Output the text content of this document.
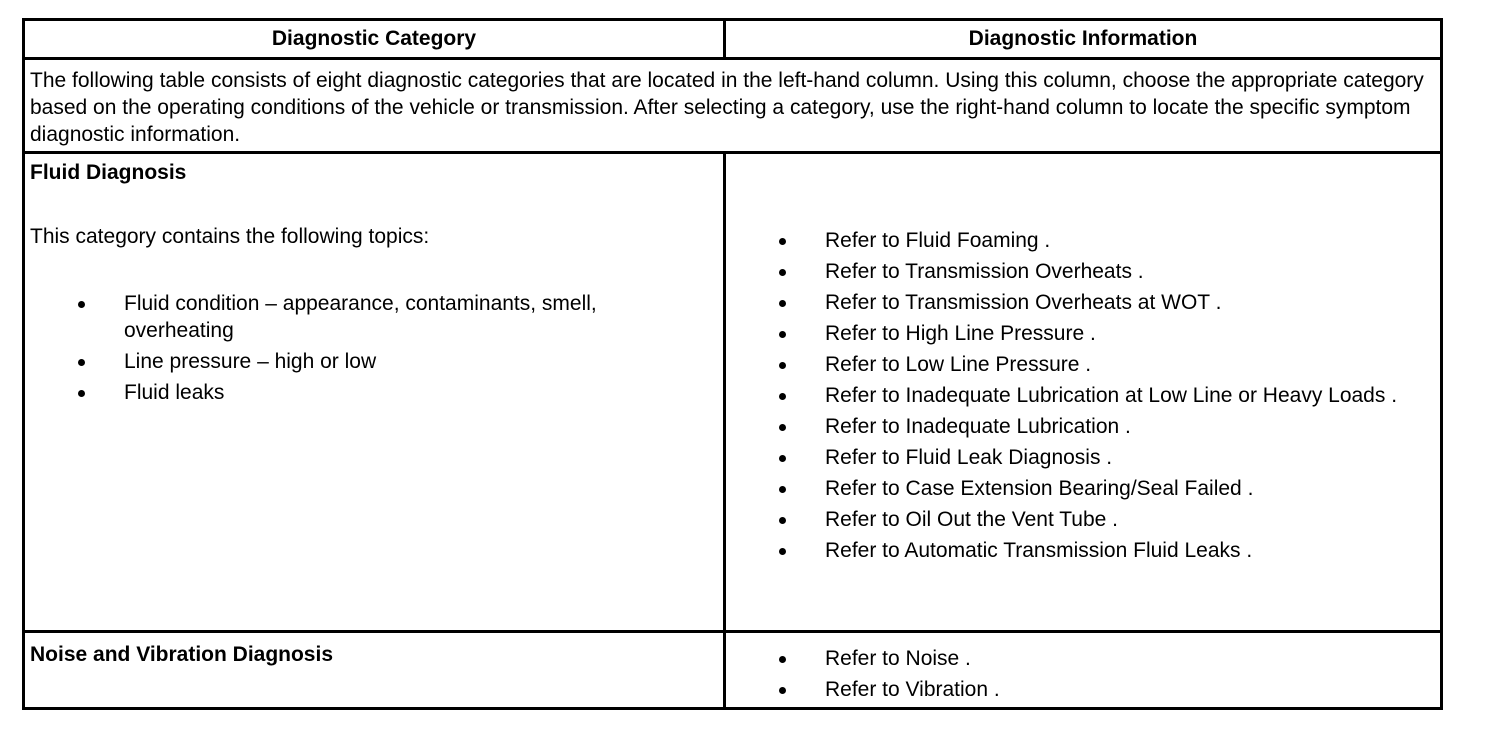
Diagnostic Category	Diagnostic Information
The following table consists of eight diagnostic categories that are located in the left-hand column. Using this column, choose the appropriate category based on the operating conditions of the vehicle or transmission. After selecting a category, use the right-hand column to locate the specific symptom diagnostic information.
Fluid Diagnosis
This category contains the following topics:
Fluid condition – appearance, contaminants, smell, overheating
Line pressure – high or low
Fluid leaks
Refer to Fluid Foaming .
Refer to Transmission Overheats .
Refer to Transmission Overheats at WOT .
Refer to High Line Pressure .
Refer to Low Line Pressure .
Refer to Inadequate Lubrication at Low Line or Heavy Loads .
Refer to Inadequate Lubrication .
Refer to Fluid Leak Diagnosis .
Refer to Case Extension Bearing/Seal Failed .
Refer to Oil Out the Vent Tube .
Refer to Automatic Transmission Fluid Leaks .
Noise and Vibration Diagnosis	Refer to Noise .
Refer to Vibration .
